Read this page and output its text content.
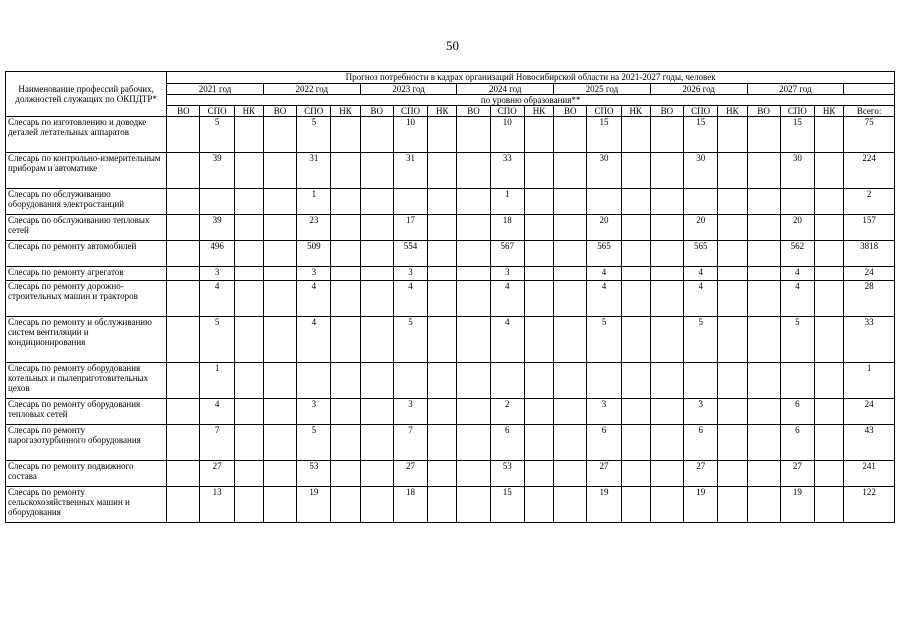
50
Наименование профессий рабочих, должностей служащих по ОКПДТР*	Прогноз потребности в кадрах организаций Новосибирской области на 2021-2027 годы, человек																					
	2021 год			2022 год			2023 год			2024 год			2025 год			2026 год			2027 год			
	по уровню образования**																					
	ВО	СПО	НК	ВО	СПО	НК	ВО	СПО	НК	ВО	СПО	НК	ВО	СПО	НК	ВО	СПО	НК	ВО	СПО	НК	Всего:
Слесарь по изготовлению и доводке деталей летательных аппаратов		5			5			10			10			15			15			15		75
Слесарь по контрольно-измерительным приборам и автоматике		39			31			31			33			30			30			30		224
Слесарь по обслуживанию оборудования электростанций					1						1											2
Слесарь по обслуживанию тепловых сетей		39			23			17			18			20			20			20		157
Слесарь по ремонту автомобилей		496			509			554			567			565			565			562		3818
Слесарь по ремонту агрегатов		3			3			3			3			4			4			4		24
Слесарь по ремонту дорожно-строительных машин и тракторов		4			4			4			4			4			4			4		28
Слесарь по ремонту и обслуживанию систем вентиляции и кондиционирования		5			4			5			4			5			5			5		33
Слесарь по ремонту оборудования котельных и пылеприготовительных цехов		1																				1
Слесарь по ремонту оборудования тепловых сетей		4			3			3			2			3			3			6		24
Слесарь по ремонту парогазотурбинного оборудования		7			5			7			6			6			6			6		43
Слесарь по ремонту подвижного состава		27			53			27			53			27			27			27		241
Слесарь по ремонту сельскохозяйственных машин и оборудования		13			19			18			15			19			19			19		122
